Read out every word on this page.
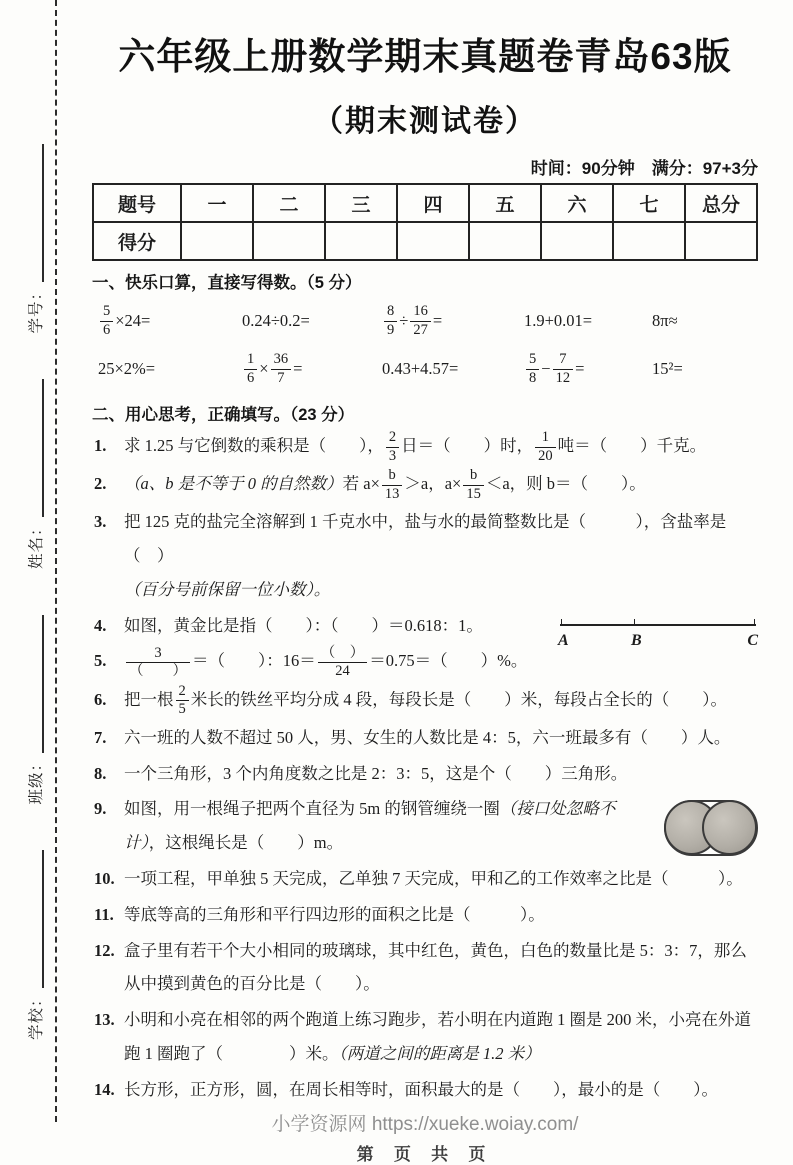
学校：
班级：
姓名：
学号：
六年级上册数学期末真题卷青岛63版
（期末测试卷）
时间：90分钟　满分：97+3分
题号	一	二	三	四	五	六	七	总分
得分								
一、快乐口算，直接写得数。（5 分）
$\frac{5}{6} \times 24=$	0.24÷0.2=	$\frac{8}{9} \div \frac{16}{27}$ =	1.9+0.01=	8π≈
25×2%=	$\frac{1}{6} \times \frac{36}{7}$ =	0.43+4.57=	$\frac{5}{8} - \frac{7}{12}$ =	15²=
二、用心思考，正确填写。（23 分）
1. 求 1.25 与它倒数的乘积是（　　）， $\frac{2}{3}$ 日＝（　　）时， $\frac{1}{20}$ 吨＝（　　）千克。
2. （a、b 是不等于 0 的自然数）若 $a\times \frac{b}{13} >a$，$a\times \frac{b}{15} <a$，则 b＝（　　）。
3. 把 125 克的盐完全溶解到 1 千克水中，盐与水的最简整数比是（　　　），含盐率是（　）
（百分号前保留一位小数）。
4. 如图，黄金比是指（　　）：（　　）＝0.618：1。
A	B	C
5. $\frac{3}{( )}$ ＝（　　）：$16= \frac{( )}{24} =0.75=$（　　）%。
6. 把一根 $\frac{2}{5}$ 米长的铁丝平均分成 4 段，每段长是（　　）米，每段占全长的（　　）。
7. 六一班的人数不超过 50 人，男、女生的人数比是 4：5，六一班最多有（　　）人。
8. 一个三角形，3 个内角度数之比是 2：3：5，这是个（　　）三角形。
9. 如图，用一根绳子把两个直径为 5m 的钢管缠绕一圈（接口处忽略不计），这根绳长是（　　）m。
10. 一项工程，甲单独 5 天完成，乙单独 7 天完成，甲和乙的工作效率之比是（　　　）。
11. 等底等高的三角形和平行四边形的面积之比是（　　　）。
12. 盒子里有若干个大小相同的玻璃球，其中红色，黄色，白色的数量比是 5：3：7，那么从中摸到黄色的百分比是（　　）。
13. 小明和小亮在相邻的两个跑道上练习跑步，若小明在内道跑 1 圈是 200 米，小亮在外道跑 1 圈跑了（　　　　）米。（两道之间的距离是 1.2 米）
14. 长方形，正方形，圆，在周长相等时，面积最大的是（　　），最小的是（　　）。
小学资源网 https://xueke.woiay.com/
第 页 共 页
